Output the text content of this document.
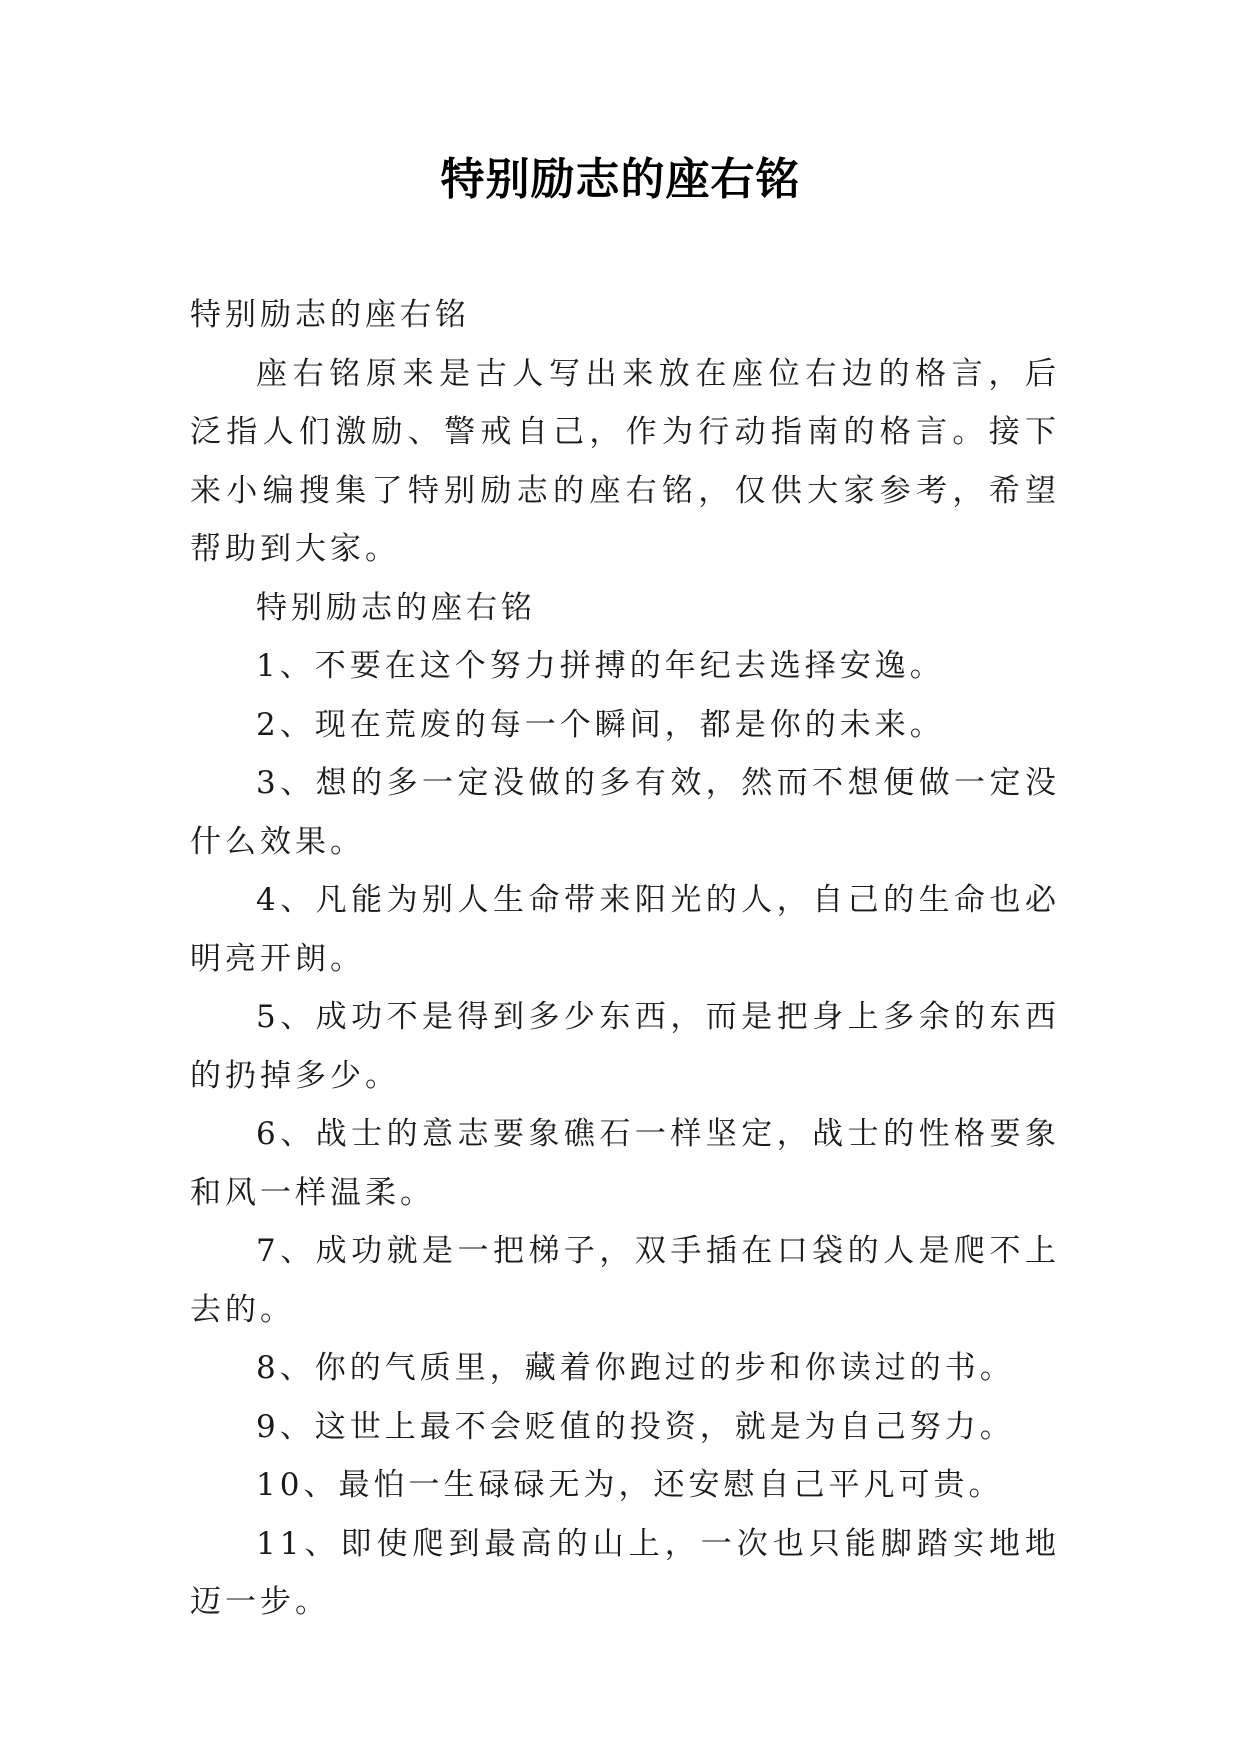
特别励志的座右铭

特别励志的座右铭

座右铭原来是古人写出来放在座位右边的格言，后泛指人们激励、警戒自己，作为行动指南的格言。接下来小编搜集了特别励志的座右铭，仅供大家参考，希望帮助到大家。

特别励志的座右铭

1、不要在这个努力拼搏的年纪去选择安逸。

2、现在荒废的每一个瞬间，都是你的未来。

3、想的多一定没做的多有效，然而不想便做一定没什么效果。

4、凡能为别人生命带来阳光的人，自己的生命也必明亮开朗。

5、成功不是得到多少东西，而是把身上多余的东西的扔掉多少。

6、战士的意志要象礁石一样坚定，战士的性格要象和风一样温柔。

7、成功就是一把梯子，双手插在口袋的人是爬不上去的。

8、你的气质里，藏着你跑过的步和你读过的书。

9、这世上最不会贬值的投资，就是为自己努力。

10、最怕一生碌碌无为，还安慰自己平凡可贵。

11、即使爬到最高的山上，一次也只能脚踏实地地迈一步。
